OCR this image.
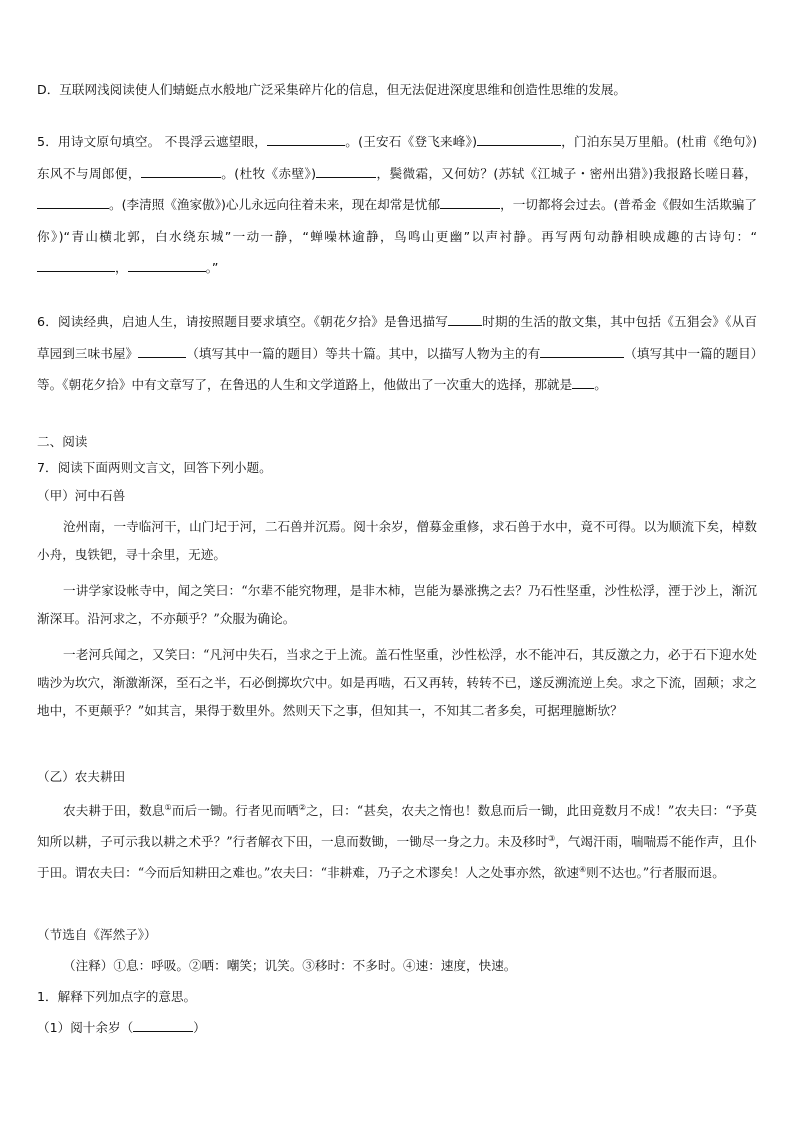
D．互联网浅阅读使人们蜻蜓点水般地广泛采集碎片化的信息，但无法促进深度思维和创造性思维的发展。

5．用诗文原句填空。 不畏浮云遮望眼，	。(王安石《登飞来峰》)	，门泊东吴万里船。(杜甫《绝句》)东风不与周郎便，	。(杜牧《赤壁》)	，鬓微霜，又何妨？(苏轼《江城子・密州出猎》)我报路长嗟日暮，。(李清照《渔家傲》)心儿永远向往着未来，现在却常是忧郁	，一切都将会过去。(普希金《假如生活欺骗了你》)“青山横北郭，白水绕东城”一动一静，“蝉噪林逾静，鸟鸣山更幽”以声衬静。再写两句动静相映成趣的古诗句：“，	。”

6．阅读经典，启迪人生，请按照题目要求填空。《朝花夕拾》是鲁迅描写	时期的生活的散文集，其中包括《五猖会》《从百草园到三味书屋》	（填写其中一篇的题目）等共十篇。其中，以描写人物为主的有	（填写其中一篇的题目）等。《朝花夕拾》中有文章写了，在鲁迅的人生和文学道路上，他做出了一次重大的选择，那就是 。

二、阅读

7．阅读下面两则文言文，回答下列小题。

（甲）河中石兽

沧州南，一寺临河干，山门圮于河，二石兽并沉焉。阅十余岁，僧募金重修，求石兽于水中，竟不可得。以为顺流下矣，棹数小舟，曳铁钯，寻十余里，无迹。

一讲学家设帐寺中，闻之笑曰：“尔辈不能究物理，是非木柿，岂能为暴涨携之去？乃石性坚重，沙性松浮，湮于沙上，渐沉渐深耳。沿河求之，不亦颠乎？”众服为确论。

一老河兵闻之，又笑曰：“凡河中失石，当求之于上流。盖石性坚重，沙性松浮，水不能冲石，其反激之力，必于石下迎水处啮沙为坎穴，渐激渐深，至石之半，石必倒掷坎穴中。如是再啮，石又再转，转转不已，遂反溯流逆上矣。求之下流，固颠；求之地中，不更颠乎？”如其言，果得于数里外。然则天下之事，但知其一，不知其二者多矣，可据理臆断欤？

（乙）农夫耕田

农夫耕于田，数息①而后一锄。行者见而哂②之，曰：“甚矣，农夫之惰也！数息而后一锄，此田竟数月不成！”农夫曰：“予莫知所以耕，子可示我以耕之术乎？”行者解衣下田，一息而数锄，一锄尽一身之力。未及移时③，气竭汗雨，喘喘焉不能作声，且仆于田。谓农夫曰：“今而后知耕田之难也。”农夫曰：“非耕难，乃子之术谬矣！人之处事亦然，欲速④则不达也。”行者服而退。

（节选自《浑然子》）

（注释）①息：呼吸。②哂：嘲笑；讥笑。③移时：不多时。④速：速度，快速。

1．解释下列加点字的意思。

（1）阅十余岁（	）
